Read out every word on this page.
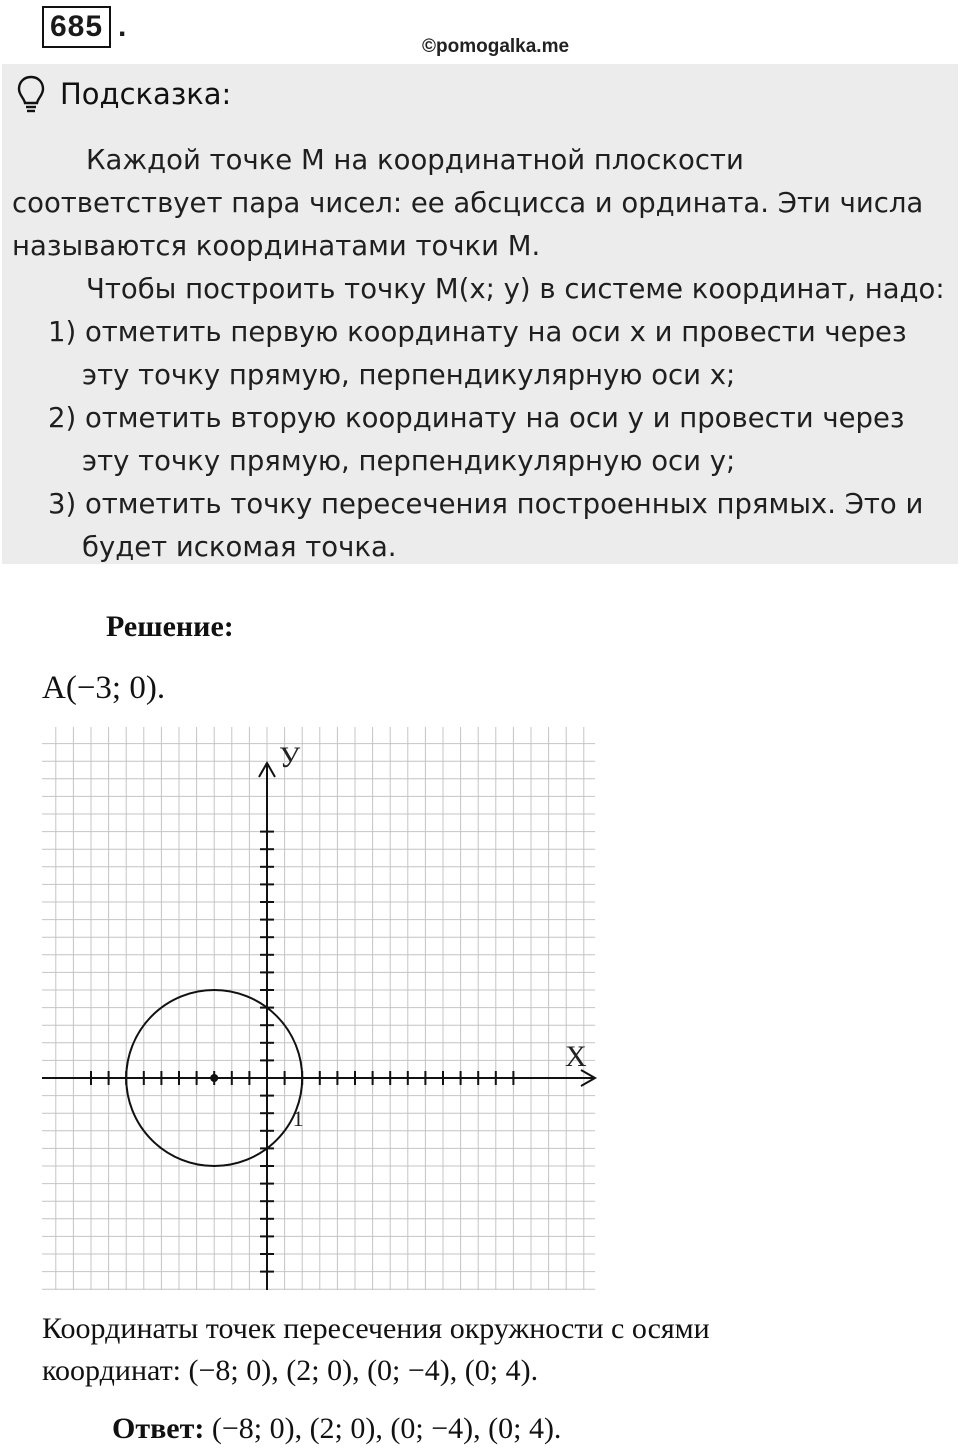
685 .
©pomogalka.me
Подсказка:
Каждой точке М на координатной плоскости
соответствует пара чисел: ее абсцисса и ордината. Эти числа
называются координатами точки М.
Чтобы построить точку М(x; y) в системе координат, надо:
1) отметить первую координату на оси x и провести через
эту точку прямую, перпендикулярную оси x;
2) отметить вторую координату на оси y и провести через
эту точку прямую, перпендикулярную оси y;
3) отметить точку пересечения построенных прямых. Это и
будет искомая точка.
Решение:
A(−3; 0).
X
У
1
Координаты точек пересечения окружности с осями
координат: (−8; 0), (2; 0), (0; −4), (0; 4).
Ответ: (−8; 0), (2; 0), (0; −4), (0; 4).
